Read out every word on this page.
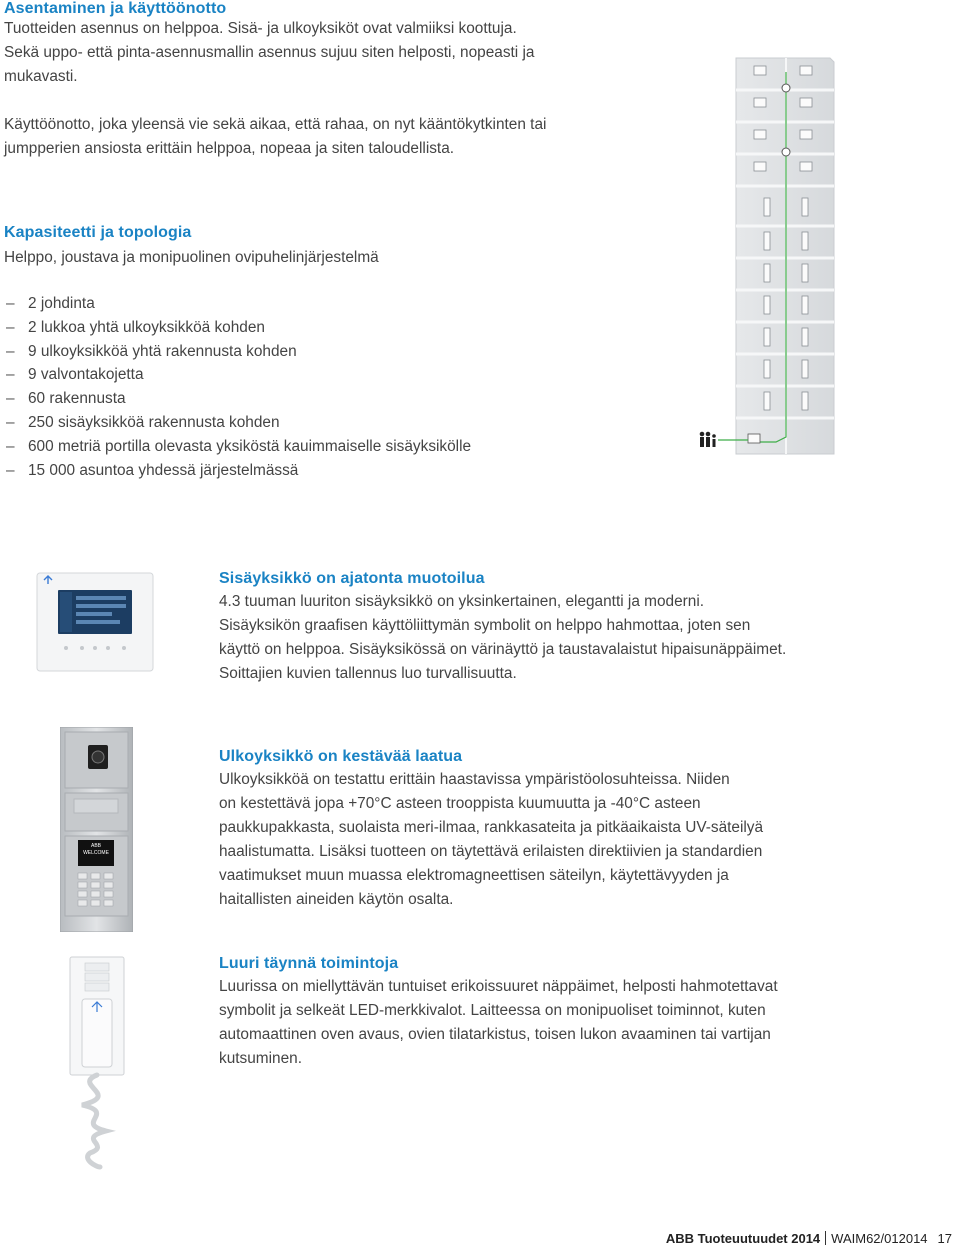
Asentaminen ja käyttöönotto
Tuotteiden asennus on helppoa. Sisä- ja ulkoyksiköt ovat valmiiksi koottuja.
Sekä uppo- että pinta-asennusmallin asennus sujuu siten helposti, nopeasti ja
mukavasti.
Käyttöönotto, joka yleensä vie sekä aikaa, että rahaa, on nyt kääntökytkinten tai
jumpperien ansiosta erittäin helppoa, nopeaa ja siten taloudellista.
Kapasiteetti ja topologia
Helppo, joustava ja monipuolinen ovipuhelinjärjestelmä
– 2 johdinta
– 2 lukkoa yhtä ulkoyksikköä kohden
– 9 ulkoyksikköä yhtä rakennusta kohden
– 9 valvontakojetta
– 60 rakennusta
– 250 sisäyksikköä rakennusta kohden
– 600 metriä portilla olevasta yksiköstä kauimmaiselle sisäyksikölle
– 15 000 asuntoa yhdessä järjestelmässä
Sisäyksikkö on ajatonta muotoilua
4.3 tuuman luuriton sisäyksikkö on yksinkertainen, elegantti ja moderni.
Sisäyksikön graafisen käyttöliittymän symbolit on helppo hahmottaa, joten sen
käyttö on helppoa. Sisäyksikössä on värinäyttö ja taustavalaistut hipaisunäppäimet.
Soittajien kuvien tallennus luo turvallisuutta.
ABB
WELCOME
Ulkoyksikkö on kestävää laatua
Ulkoyksikköä on testattu erittäin haastavissa ympäristöolosuhteissa. Niiden
on kestettävä jopa +70°C asteen trooppista kuumuutta ja -40°C asteen
paukkupakkasta, suolaista meri-ilmaa, rankkasateita ja pitkäaikaista UV-säteilyä
haalistumatta. Lisäksi tuotteen on täytettävä erilaisten direktiivien ja standardien
vaatimukset muun muassa elektromagneettisen säteilyn, käytettävyyden ja
haitallisten aineiden käytön osalta.
Luuri täynnä toimintoja
Luurissa on miellyttävän tuntuiset erikoissuuret näppäimet, helposti hahmotettavat
symbolit ja selkeät LED-merkkivalot. Laitteessa on monipuoliset toiminnot, kuten
automaattinen oven avaus, ovien tilatarkistus, toisen lukon avaaminen tai vartijan
kutsuminen.
ABB Tuoteuutuudet 2014 WAIM62/012014 17
